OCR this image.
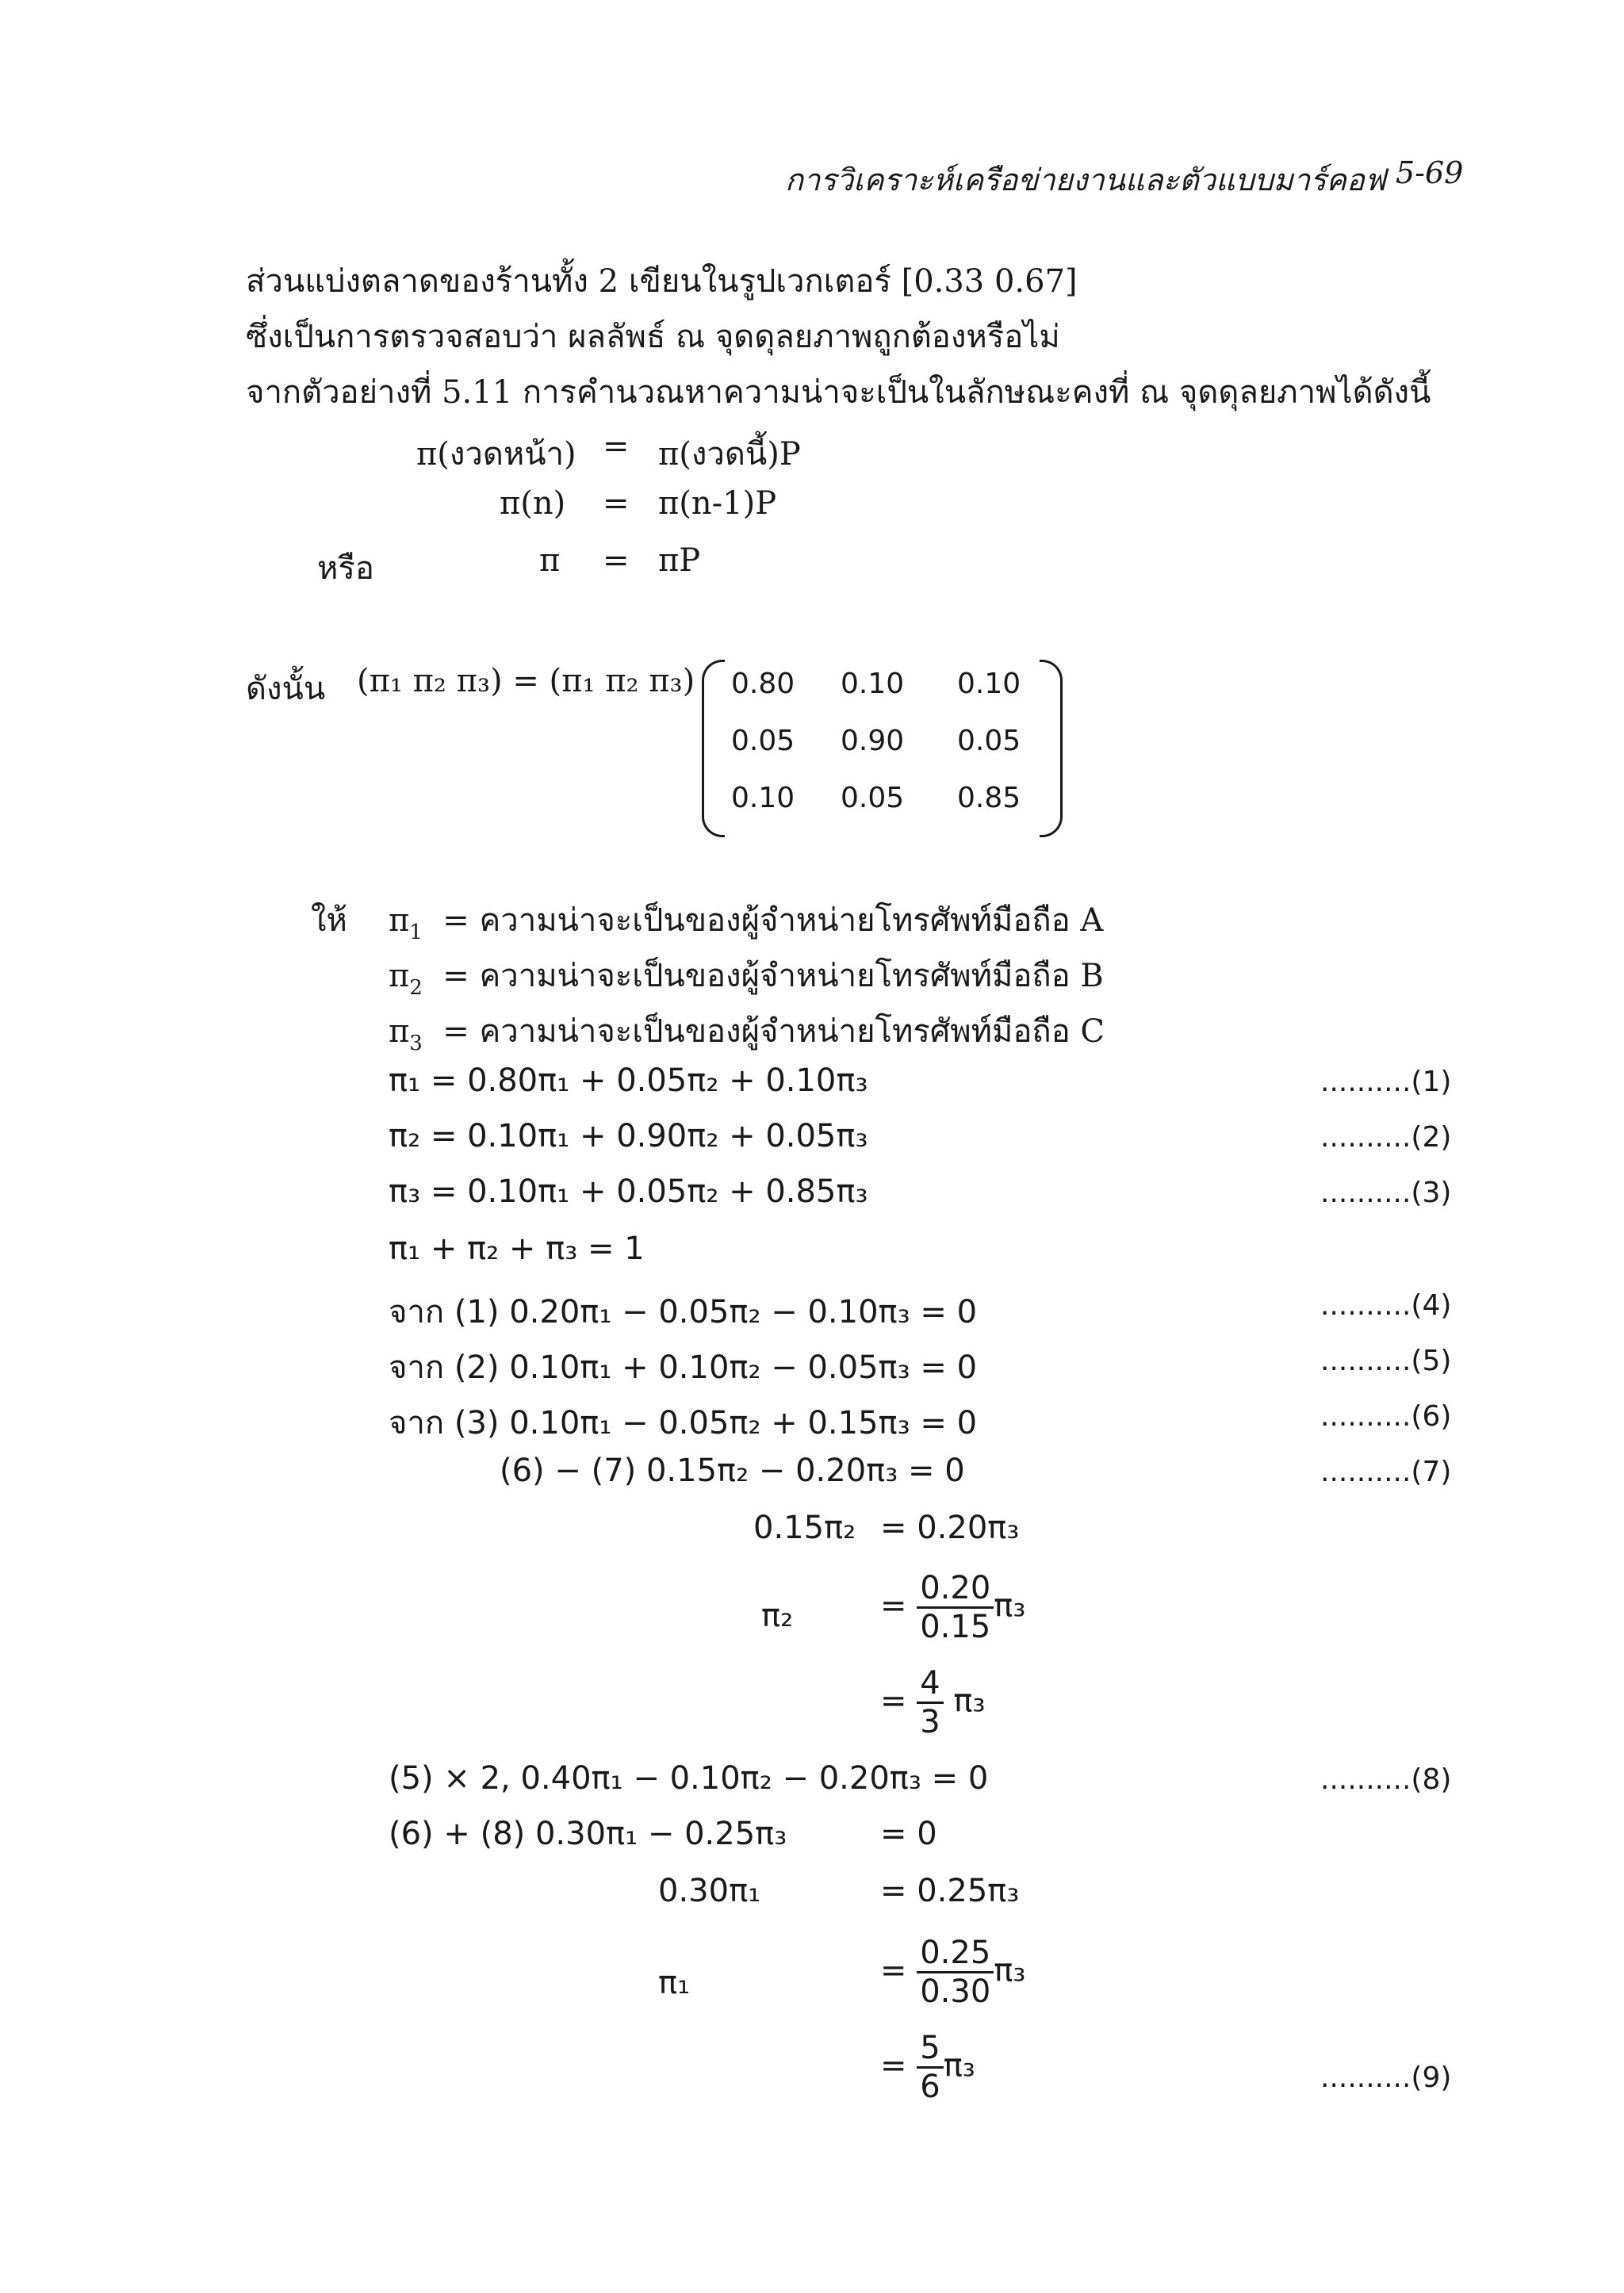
การวิเคราะห์เครือข่ายงานและตัวแบบมาร์คอฟ 5-69
ส่วนแบ่งตลาดของร้านทั้ง 2 เขียนในรูปเวกเตอร์ [0.33 0.67]
ซึ่งเป็นการตรวจสอบว่า ผลลัพธ์ ณ จุดดุลยภาพถูกต้องหรือไม่
จากตัวอย่างที่ 5.11 การคำนวณหาความน่าจะเป็นในลักษณะคงที่ ณ จุดดุลยภาพได้ดังนี้
π(งวดหน้า) = π(งวดนี้)P
π(n) = π(n-1)P
หรือ	π = πP
ดังนั้น (π₁ π₂ π₃) = (π₁ π₂ π₃) 0.80 0.10 0.10
0.05 0.90 0.05
0.10 0.05 0.85
ให้ $\pi_1$ = ความน่าจะเป็นของผู้จำหน่ายโทรศัพท์มือถือ A
$\pi_2$ = ความน่าจะเป็นของผู้จำหน่ายโทรศัพท์มือถือ B
$\pi_3$ = ความน่าจะเป็นของผู้จำหน่ายโทรศัพท์มือถือ C
π₁ = 0.80π₁ + 0.05π₂ + 0.10π₃	..........(1)
π₂ = 0.10π₁ + 0.90π₂ + 0.05π₃	..........(2)
π₃ = 0.10π₁ + 0.05π₂ + 0.85π₃	..........(3)
π₁ + π₂ + π₃ = 1
จาก (1) 0.20π₁ − 0.05π₂ − 0.10π₃ = 0	..........(4)
จาก (2) 0.10π₁ + 0.10π₂ − 0.05π₃ = 0	..........(5)
จาก (3) 0.10π₁ − 0.05π₂ + 0.15π₃ = 0	..........(6)
(6) − (7) 0.15π₂ − 0.20π₃ = 0	..........(7)
0.15π₂ = 0.20π₃
π₂	= $\frac{0.20}{0.15} \pi_3$
= $\frac{4}{3} \pi_3$
(5) × 2, 0.40π₁ − 0.10π₂ − 0.20π₃ = 0	..........(8)
(6) + (8) 0.30π₁ − 0.25π₃	= 0
0.30π₁	= 0.25π₃
π₁	= $\frac{0.25}{0.30} \pi_3$
= $\frac{5}{6} \pi_3$	..........(9)
